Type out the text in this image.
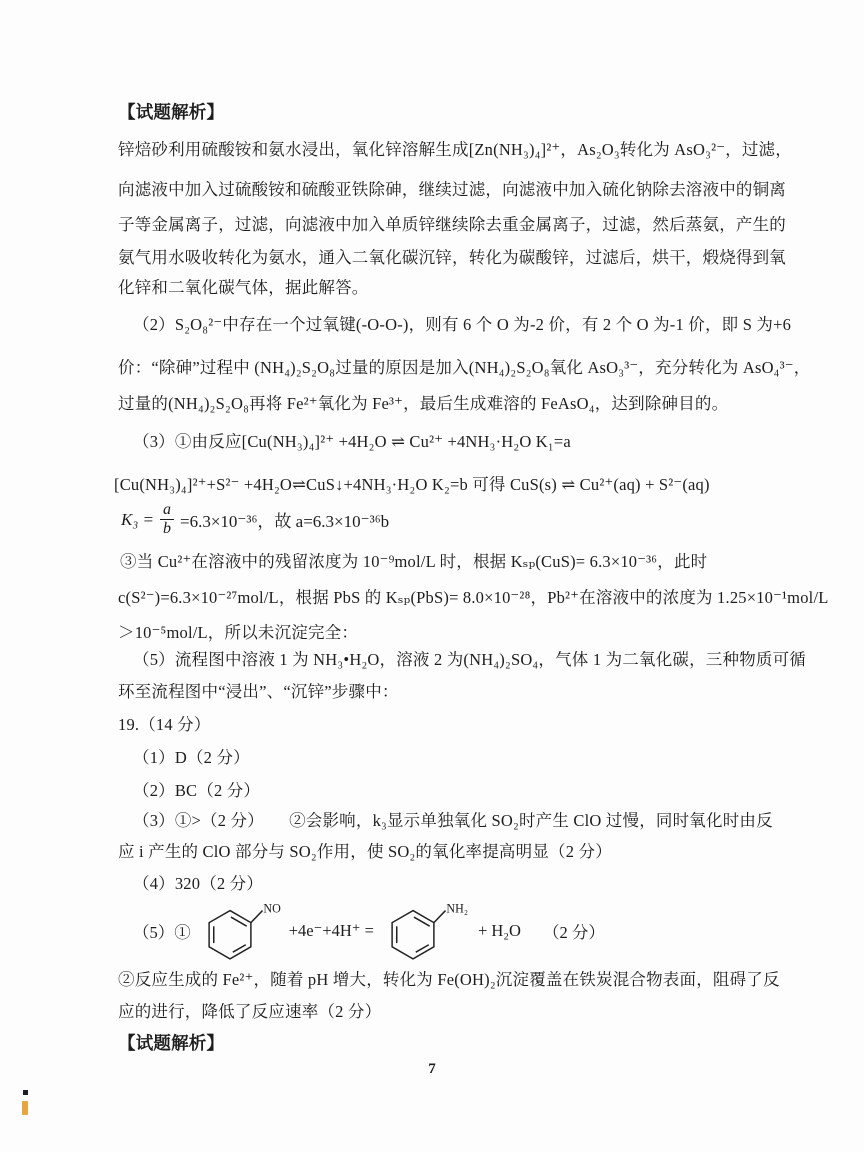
【试题解析】
锌焙砂利用硫酸铵和氨水浸出，氧化锌溶解生成[Zn(NH₃)₄]²⁺，As₂O₃转化为 AsO₃²⁻，过滤，
向滤液中加入过硫酸铵和硫酸亚铁除砷，继续过滤，向滤液中加入硫化钠除去溶液中的铜离
子等金属离子，过滤，向滤液中加入单质锌继续除去重金属离子，过滤，然后蒸氨，产生的
氨气用水吸收转化为氨水，通入二氧化碳沉锌，转化为碳酸锌，过滤后，烘干，煅烧得到氧
化锌和二氧化碳气体，据此解答。
（2）S₂O₈²⁻中存在一个过氧键(-O-O-)，则有 6 个 O 为-2 价，有 2 个 O 为-1 价，即 S 为+6
价：“除砷”过程中 (NH₄)₂S₂O₈过量的原因是加入(NH₄)₂S₂O₈氧化 AsO₃³⁻，充分转化为 AsO₄³⁻，
过量的(NH₄)₂S₂O₈再将 Fe²⁺氧化为 Fe³⁺，最后生成难溶的 FeAsO₄，达到除砷目的。
（3）①由反应[Cu(NH₃)₄]²⁺ +4H₂O ⇌ Cu²⁺ +4NH₃·H₂O K₁=a
[Cu(NH₃)₄]²⁺+S²⁻ +4H₂O⇌CuS↓+4NH₃·H₂O K₂=b 可得 CuS(s) ⇌ Cu²⁺(aq) + S²⁻(aq)
$K_3 = \frac{a}{b} =6.3\times 10^{-36}$，故 a=6.3×10⁻³⁶b
③当 Cu²⁺在溶液中的残留浓度为 10⁻⁹mol/L 时，根据 Kₛₚ(CuS)= 6.3×10⁻³⁶，此时
c(S²⁻)=6.3×10⁻²⁷mol/L，根据 PbS 的 Kₛₚ(PbS)= 8.0×10⁻²⁸，Pb²⁺在溶液中的浓度为 1.25×10⁻¹mol/L
＞10⁻⁵mol/L，所以未沉淀完全：
（5）流程图中溶液 1 为 NH₃•H₂O，溶液 2 为(NH₄)₂SO₄，气体 1 为二氧化碳，三种物质可循
环至流程图中“浸出”、“沉锌”步骤中：
19.（14 分）
（1）D（2 分）
（2）BC（2 分）
（3）①>（2 分）　　②会影响，k₃显示单独氧化 SO₂时产生 ClO 过慢，同时氧化时由反
应 i 产生的 ClO 部分与 SO₂作用，使 SO₂的氧化率提高明显（2 分）
（4）320（2 分）
（5）①
NO
+4e⁻+4H⁺ =
NH₂
+ H₂O （2 分）
②反应生成的 Fe²⁺，随着 pH 增大，转化为 Fe(OH)₂沉淀覆盖在铁炭混合物表面，阻碍了反
应的进行，降低了反应速率（2 分）
【试题解析】
7
